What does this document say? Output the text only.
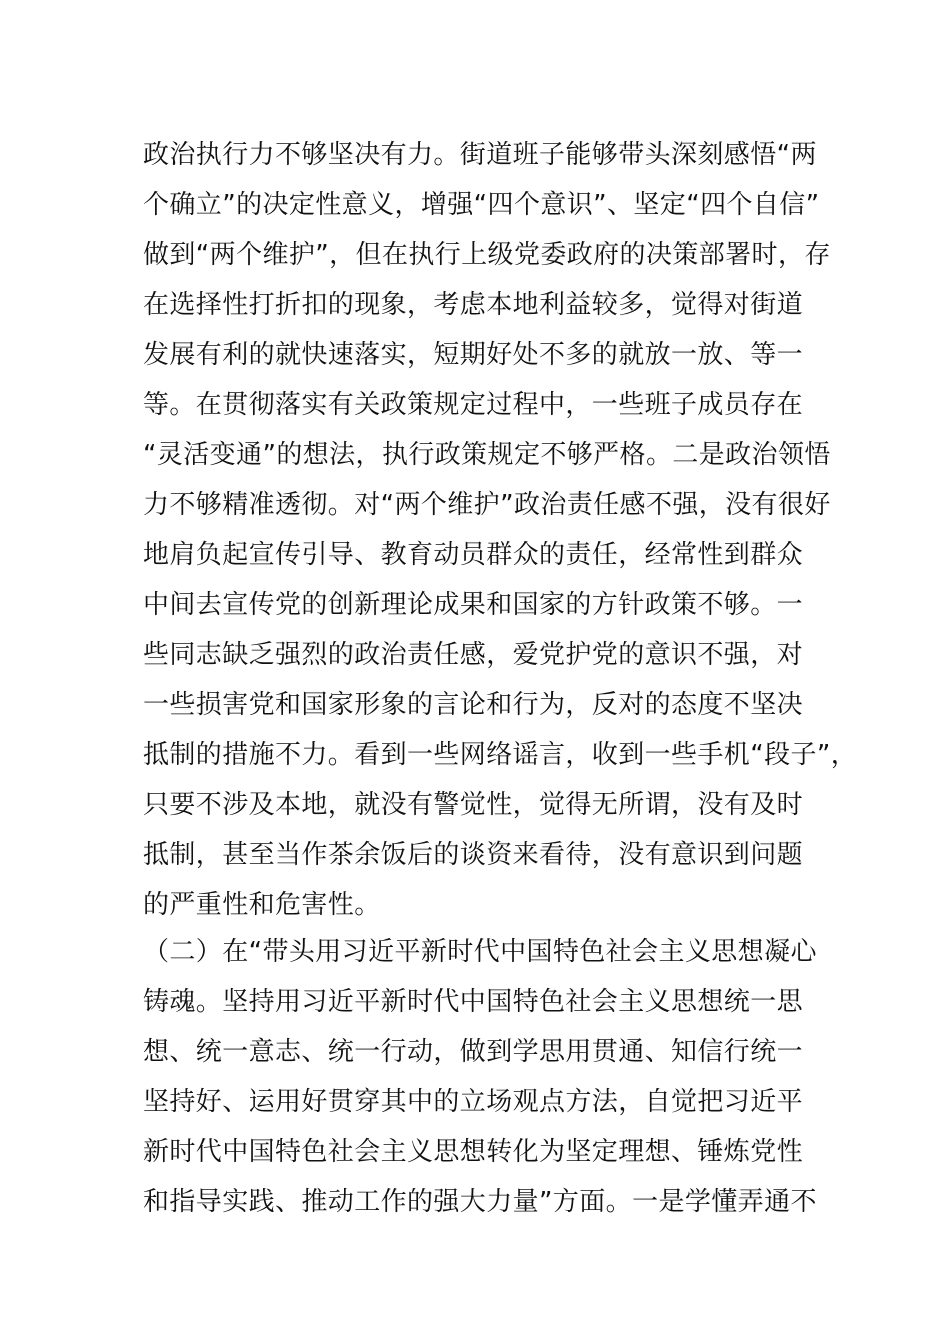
政治执行力不够坚决有力。街道班子能够带头深刻感悟“两
个确立”的决定性意义，增强“四个意识”、坚定“四个自信”
做到“两个维护”，但在执行上级党委政府的决策部署时，存
在选择性打折扣的现象，考虑本地利益较多，觉得对街道
发展有利的就快速落实，短期好处不多的就放一放、等一
等。在贯彻落实有关政策规定过程中，一些班子成员存在
“灵活变通”的想法，执行政策规定不够严格。二是政治领悟
力不够精准透彻。对“两个维护”政治责任感不强，没有很好
地肩负起宣传引导、教育动员群众的责任，经常性到群众
中间去宣传党的创新理论成果和国家的方针政策不够。一
些同志缺乏强烈的政治责任感，爱党护党的意识不强，对
一些损害党和国家形象的言论和行为，反对的态度不坚决
抵制的措施不力。看到一些网络谣言，收到一些手机“段子”，
只要不涉及本地，就没有警觉性，觉得无所谓，没有及时
抵制，甚至当作茶余饭后的谈资来看待，没有意识到问题
的严重性和危害性。
（二）在“带头用习近平新时代中国特色社会主义思想凝心
铸魂。坚持用习近平新时代中国特色社会主义思想统一思
想、统一意志、统一行动，做到学思用贯通、知信行统一
坚持好、运用好贯穿其中的立场观点方法，自觉把习近平
新时代中国特色社会主义思想转化为坚定理想、锤炼党性
和指导实践、推动工作的强大力量”方面。一是学懂弄通不
